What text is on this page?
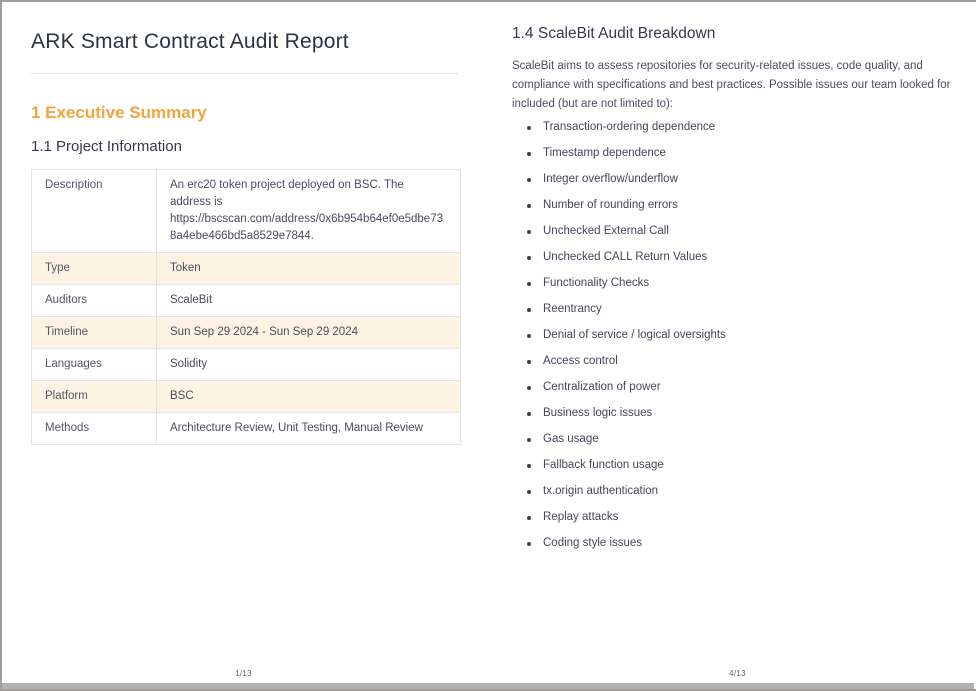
ARK Smart Contract Audit Report
1 Executive Summary
1.1 Project Information
Description	An erc20 token project deployed on BSC. The address is https://bscscan.com/address/0x6b954b64ef0e5dbe738a4ebe466bd5a8529e7844.
Type	Token
Auditors	ScaleBit
Timeline	Sun Sep 29 2024 - Sun Sep 29 2024
Languages	Solidity
Platform	BSC
Methods	Architecture Review, Unit Testing, Manual Review
1/13
1.4 ScaleBit Audit Breakdown

ScaleBit aims to assess repositories for security-related issues, code quality, and compliance with specifications and best practices. Possible issues our team looked for included (but are not limited to):

Transaction-ordering dependence
Timestamp dependence
Integer overflow/underflow
Number of rounding errors
Unchecked External Call
Unchecked CALL Return Values
Functionality Checks
Reentrancy
Denial of service / logical oversights
Access control
Centralization of power
Business logic issues
Gas usage
Fallback function usage
tx.origin authentication
Replay attacks
Coding style issues
4/13
